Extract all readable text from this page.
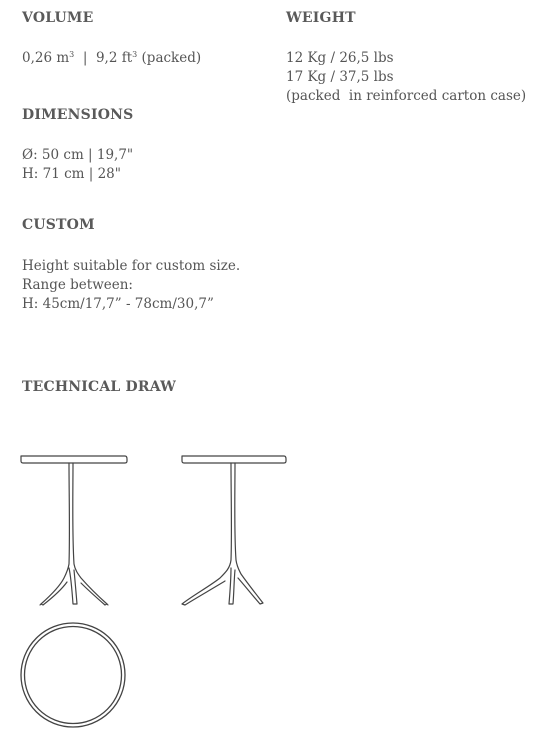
VOLUME
0,26 $m^3$  |  9,2 $ft^3$ (packed)
WEIGHT
12 Kg / 26,5 lbs
17 Kg / 37,5 lbs
(packed  in reinforced carton case)
DIMENSIONS
Ø: 50 cm | 19,7"
H: 71 cm | 28"
CUSTOM
Height suitable for custom size.
Range between:
H: 45cm/17,7” - 78cm/30,7”
TECHNICAL DRAW
